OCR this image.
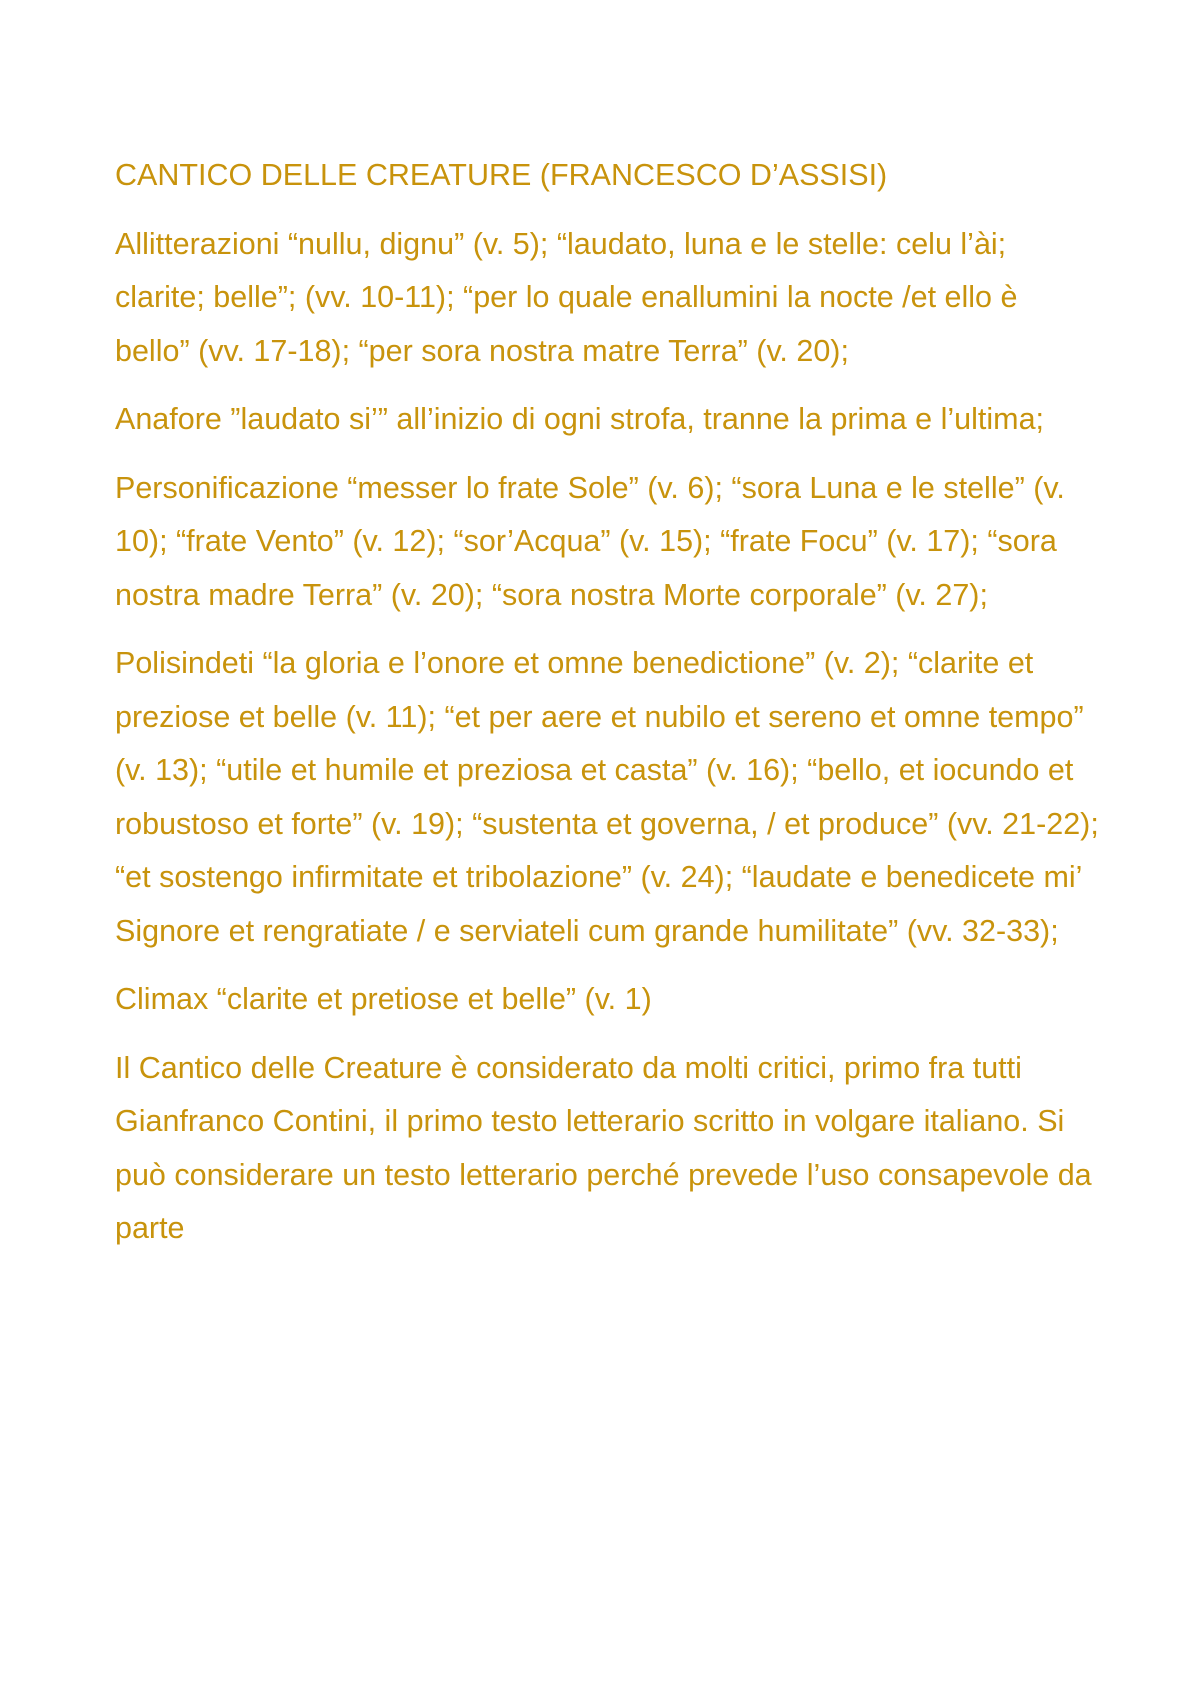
CANTICO DELLE CREATURE (FRANCESCO D’ASSISI)
Allitterazioni “nullu, dignu” (v. 5); “laudato, luna e le stelle: celu l’ài; clarite; belle”; (vv. 10-11); “per lo quale enallumini la nocte /et ello è bello” (vv. 17-18); “per sora nostra matre Terra” (v. 20);
Anafore ”laudato si’” all’inizio di ogni strofa, tranne la prima e l’ultima;
Personificazione “messer lo frate Sole” (v. 6); “sora Luna e le stelle” (v. 10); “frate Vento” (v. 12); “sor’Acqua” (v. 15); “frate Focu” (v. 17); “sora nostra madre Terra” (v. 20); “sora nostra Morte corporale” (v. 27);
Polisindeti “la gloria e l’onore et omne benedictione” (v. 2); “clarite et preziose et belle (v. 11); “et per aere et nubilo et sereno et omne tempo” (v. 13); “utile et humile et preziosa et casta” (v. 16); “bello, et iocundo et robustoso et forte” (v. 19); “sustenta et governa, / et produce” (vv. 21-22); “et sostengo infirmitate et tribolazione” (v. 24); “laudate e benedicete mi’ Signore et rengratiate / e serviateli cum grande humilitate” (vv. 32-33);
Climax “clarite et pretiose et belle” (v. 1)
Il Cantico delle Creature è considerato da molti critici, primo fra tutti Gianfranco Contini, il primo testo letterario scritto in volgare italiano. Si può considerare un testo letterario perché prevede l’uso consapevole da parte
